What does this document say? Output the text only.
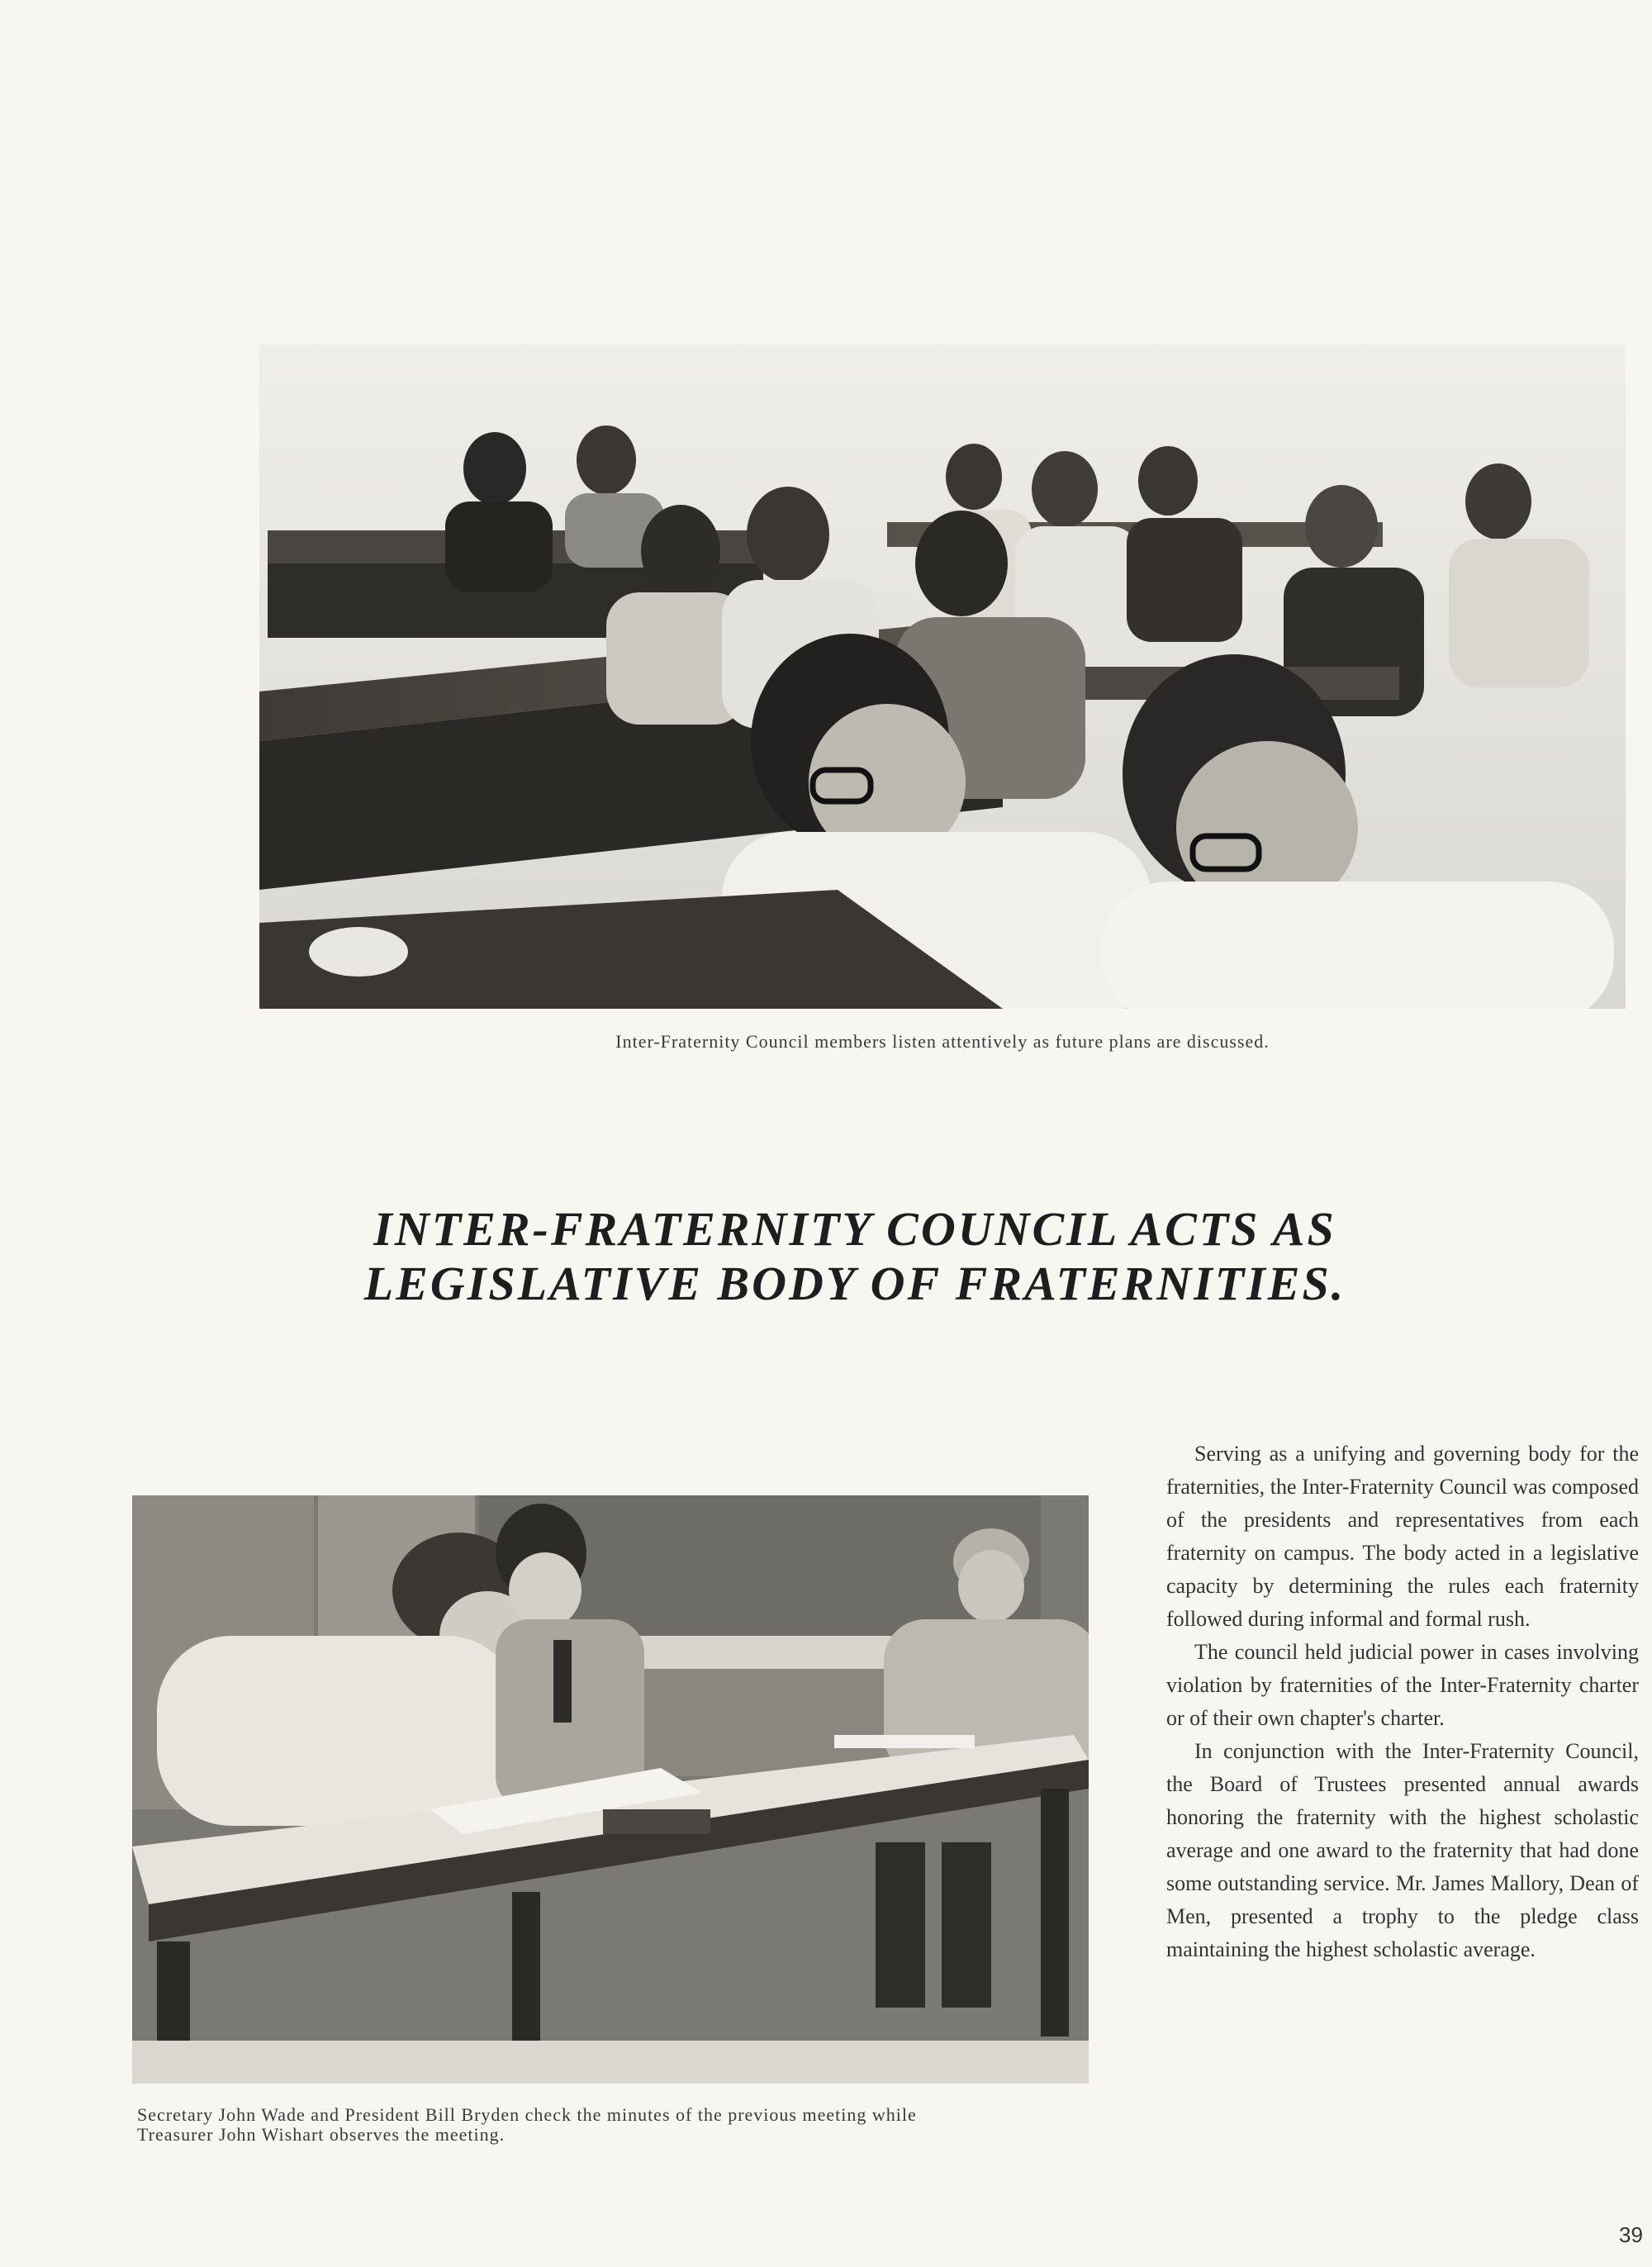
Inter-Fraternity Council members listen attentively as future plans are discussed.
INTER-FRATERNITY COUNCIL ACTS AS
LEGISLATIVE BODY OF FRATERNITIES.
Secretary John Wade and President Bill Bryden check the minutes of the previous meeting while
Treasurer John Wishart observes the meeting.

Serving as a unifying and governing body for the fraternities, the Inter-Fraternity Council was composed of the presidents and representatives from each fraternity on campus. The body acted in a legislative capacity by determining the rules each fraternity followed during informal and formal rush.

The council held judicial power in cases involving violation by fraternities of the Inter-Fraternity charter or of their own chapter's charter.

In conjunction with the Inter-Fraternity Council, the Board of Trustees presented annual awards honoring the fraternity with the highest scholastic average and one award to the fraternity that had done some outstanding service. Mr. James Mallory, Dean of Men, presented a trophy to the pledge class maintaining the highest scholastic average.

39
